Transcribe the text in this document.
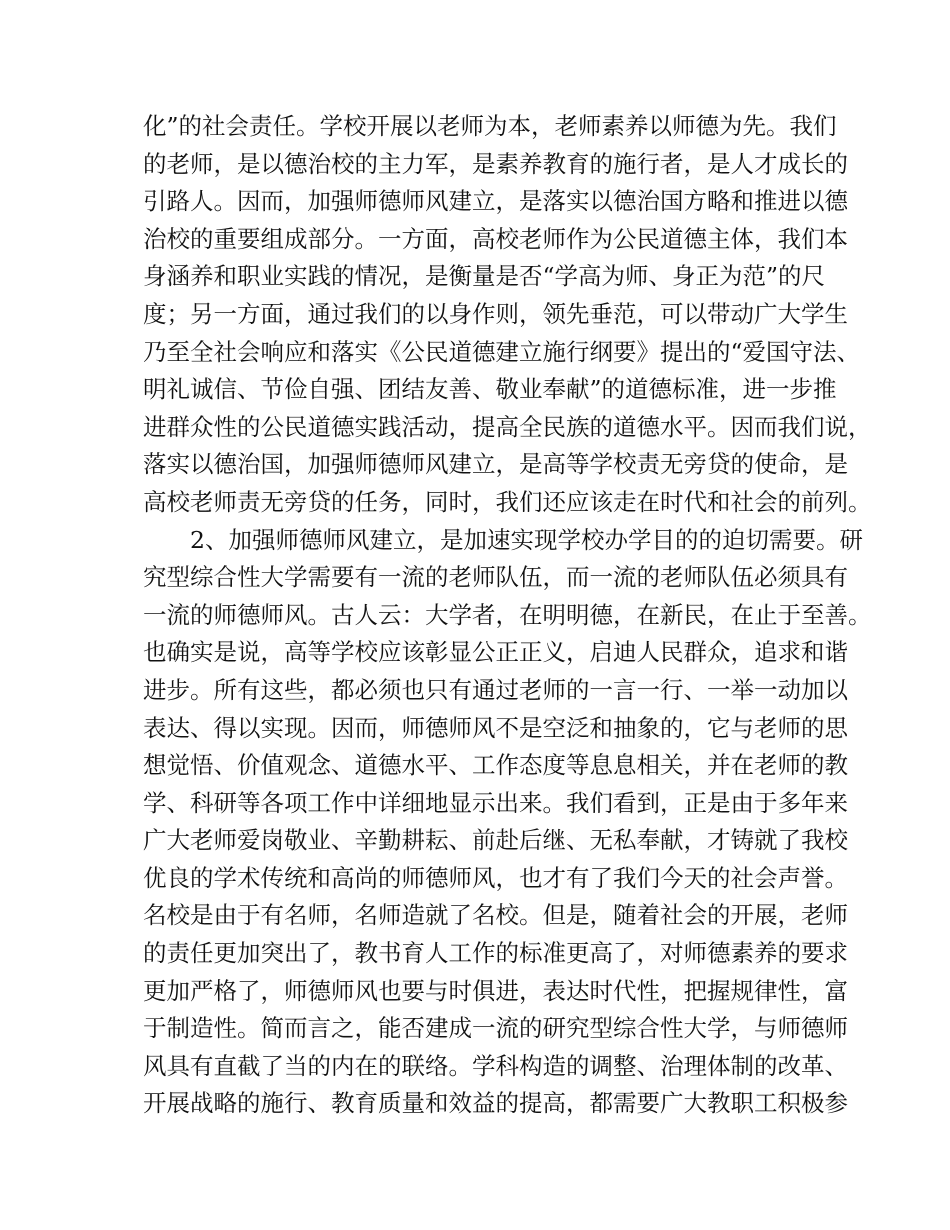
化”的社会责任。学校开展以老师为本，老师素养以师德为先。我们
的老师，是以德治校的主力军，是素养教育的施行者，是人才成长的
引路人。因而，加强师德师风建立，是落实以德治国方略和推进以德
治校的重要组成部分。一方面，高校老师作为公民道德主体，我们本
身涵养和职业实践的情况，是衡量是否“学高为师、身正为范”的尺
度；另一方面，通过我们的以身作则，领先垂范，可以带动广大学生
乃至全社会响应和落实《公民道德建立施行纲要》提出的“爱国守法、
明礼诚信、节俭自强、团结友善、敬业奉献”的道德标准，进一步推
进群众性的公民道德实践活动，提高全民族的道德水平。因而我们说，
落实以德治国，加强师德师风建立，是高等学校责无旁贷的使命，是
高校老师责无旁贷的任务，同时，我们还应该走在时代和社会的前列。
2、加强师德师风建立，是加速实现学校办学目的的迫切需要。研
究型综合性大学需要有一流的老师队伍，而一流的老师队伍必须具有
一流的师德师风。古人云：大学者，在明明德，在新民，在止于至善。
也确实是说，高等学校应该彰显公正正义，启迪人民群众，追求和谐
进步。所有这些，都必须也只有通过老师的一言一行、一举一动加以
表达、得以实现。因而，师德师风不是空泛和抽象的，它与老师的思
想觉悟、价值观念、道德水平、工作态度等息息相关，并在老师的教
学、科研等各项工作中详细地显示出来。我们看到，正是由于多年来
广大老师爱岗敬业、辛勤耕耘、前赴后继、无私奉献，才铸就了我校
优良的学术传统和高尚的师德师风，也才有了我们今天的社会声誉。
名校是由于有名师，名师造就了名校。但是，随着社会的开展，老师
的责任更加突出了，教书育人工作的标准更高了，对师德素养的要求
更加严格了，师德师风也要与时俱进，表达时代性，把握规律性，富
于制造性。简而言之，能否建成一流的研究型综合性大学，与师德师
风具有直截了当的内在的联络。学科构造的调整、治理体制的改革、
开展战略的施行、教育质量和效益的提高，都需要广大教职工积极参
